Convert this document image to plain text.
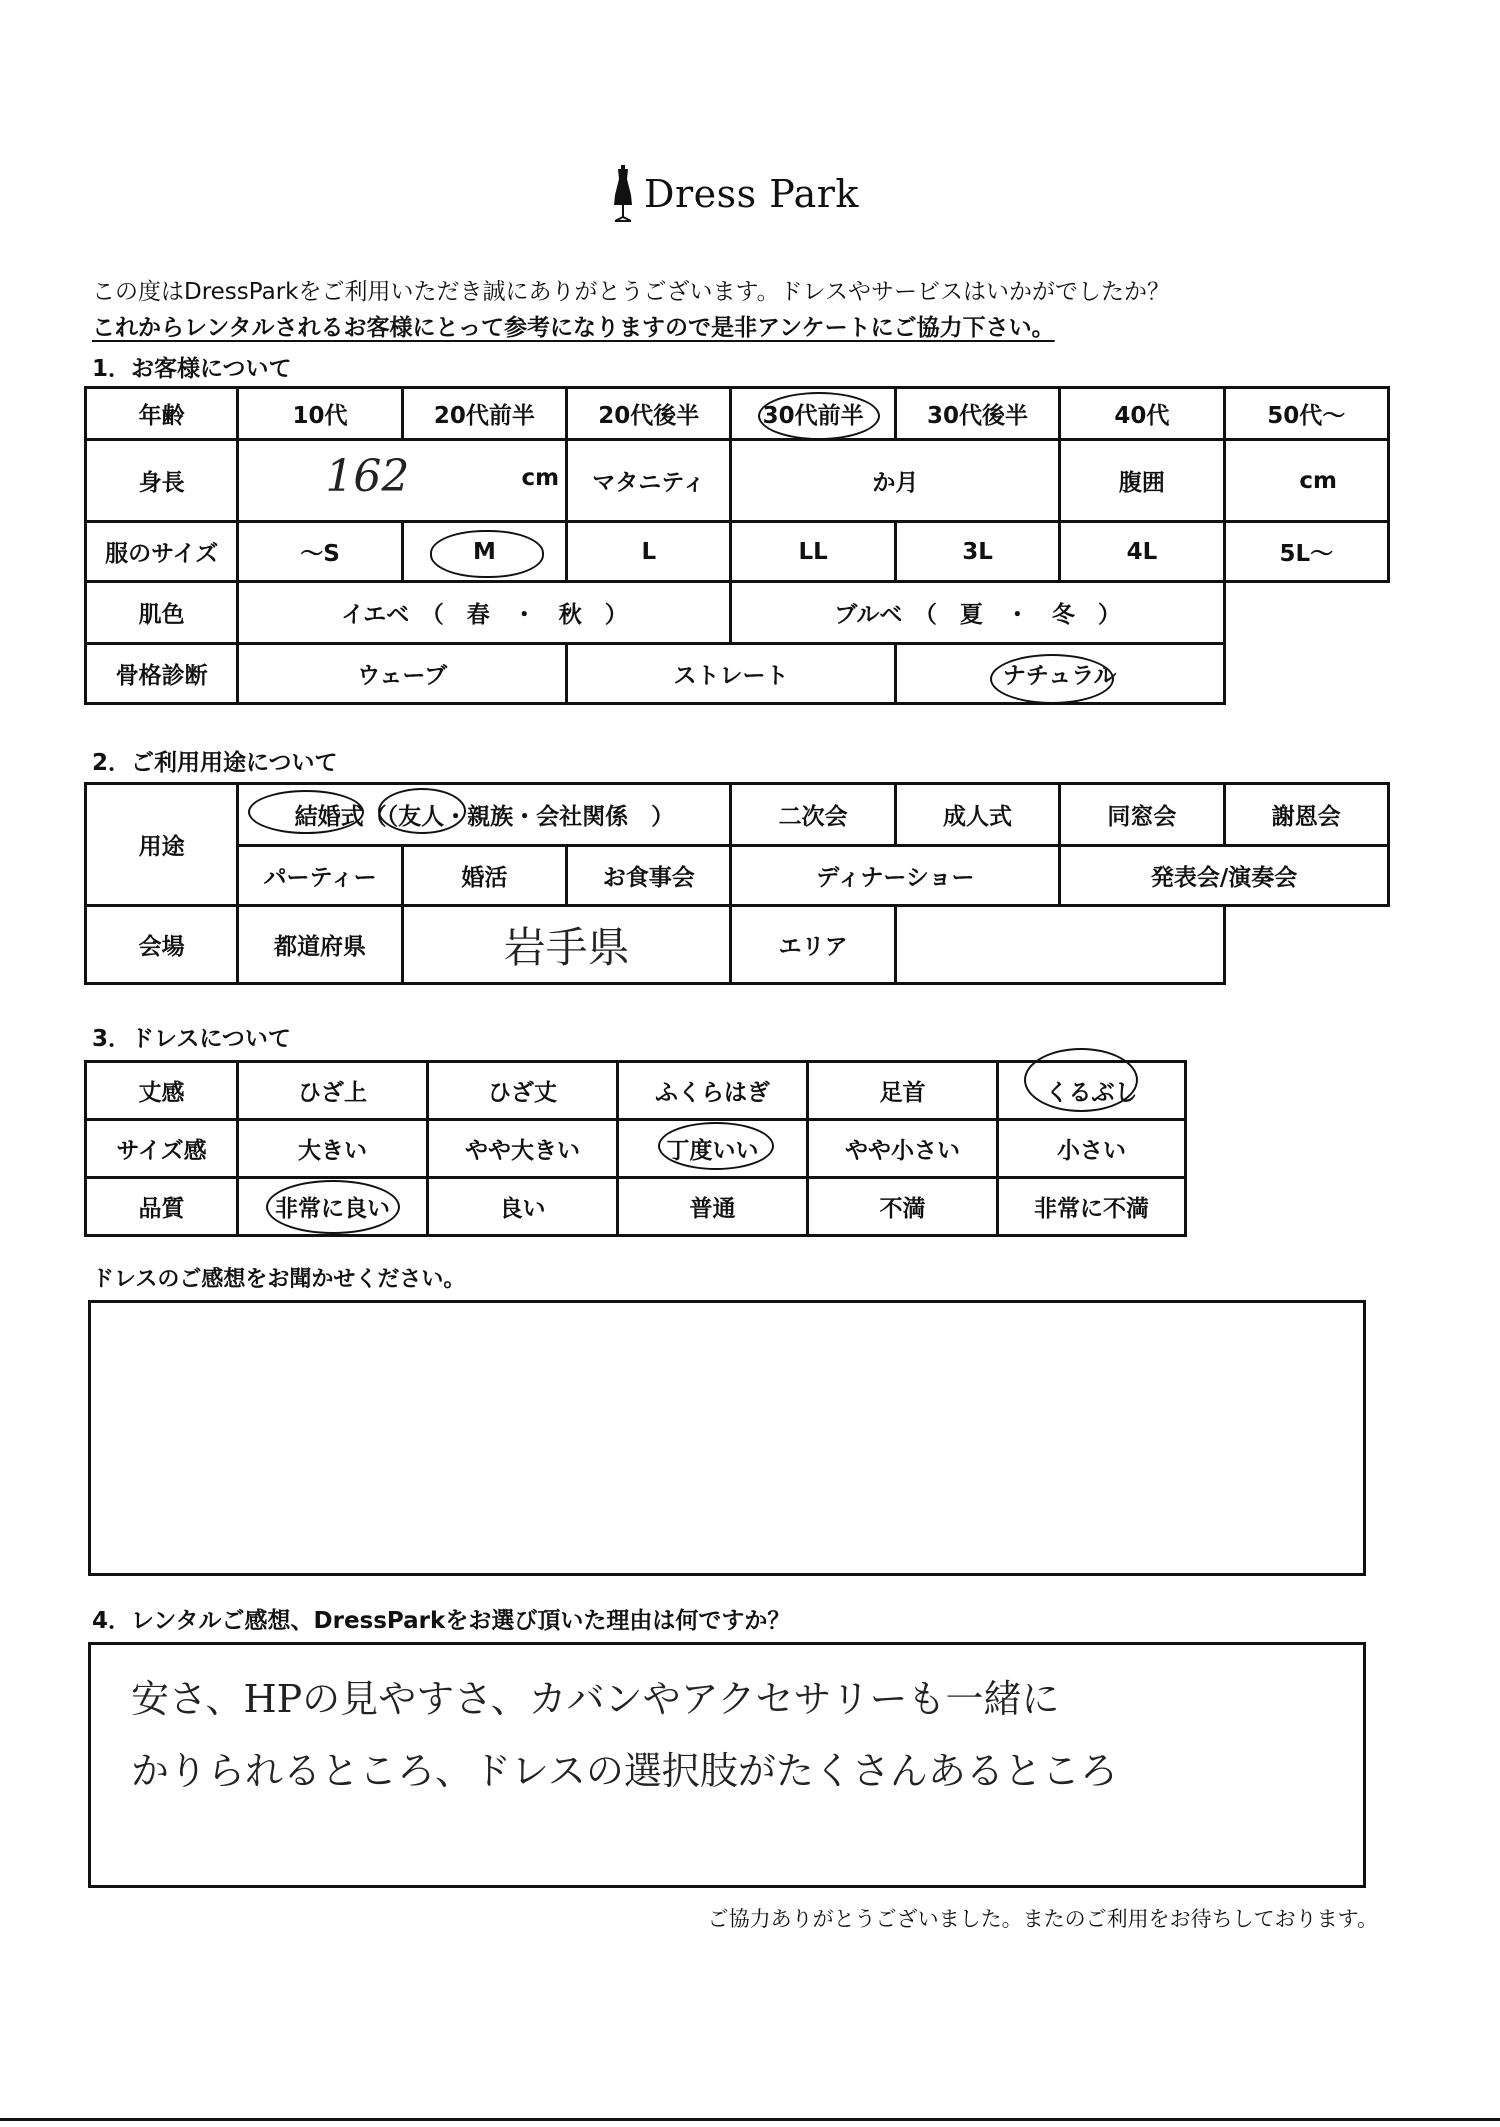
Dress Park
この度はDressParkをご利用いただき誠にありがとうございます。ドレスやサービスはいかがでしたか？
これからレンタルされるお客様にとって参考になりますので是非アンケートにご協力下さい。
1．お客様について
年齢	10代	20代前半	20代後半	30代前半	30代後半	40代	50代〜
身長	162 cm		マタニティ	か月		腹囲	cm
服のサイズ	〜S	M	L	LL	3L	4L	5L〜
肌色	イエベ　（　春　・　秋　）			ブルベ　（　夏　・　冬　）			
骨格診断	ウェーブ		ストレート		ナチュラル		
2．ご利用用途について
用途	結婚式（（友人・親族・会社関係　）			二次会	成人式	同窓会	謝恩会
	パーティー	婚活	お食事会	ディナーショー		発表会/演奏会	
会場	都道府県	岩手県		エリア			
3．ドレスについて
丈感	ひざ上	ひざ丈	ふくらはぎ	足首	くるぶし
サイズ感	大きい	やや大きい	丁度いい	やや小さい	小さい
品質	非常に良い	良い	普通	不満	非常に不満
ドレスのご感想をお聞かせください。
4．レンタルご感想、DressParkをお選び頂いた理由は何ですか？
安さ、HPの見やすさ、カバンやアクセサリーも一緒に
かりられるところ、ドレスの選択肢がたくさんあるところ
ご協力ありがとうございました。またのご利用をお待ちしております。
